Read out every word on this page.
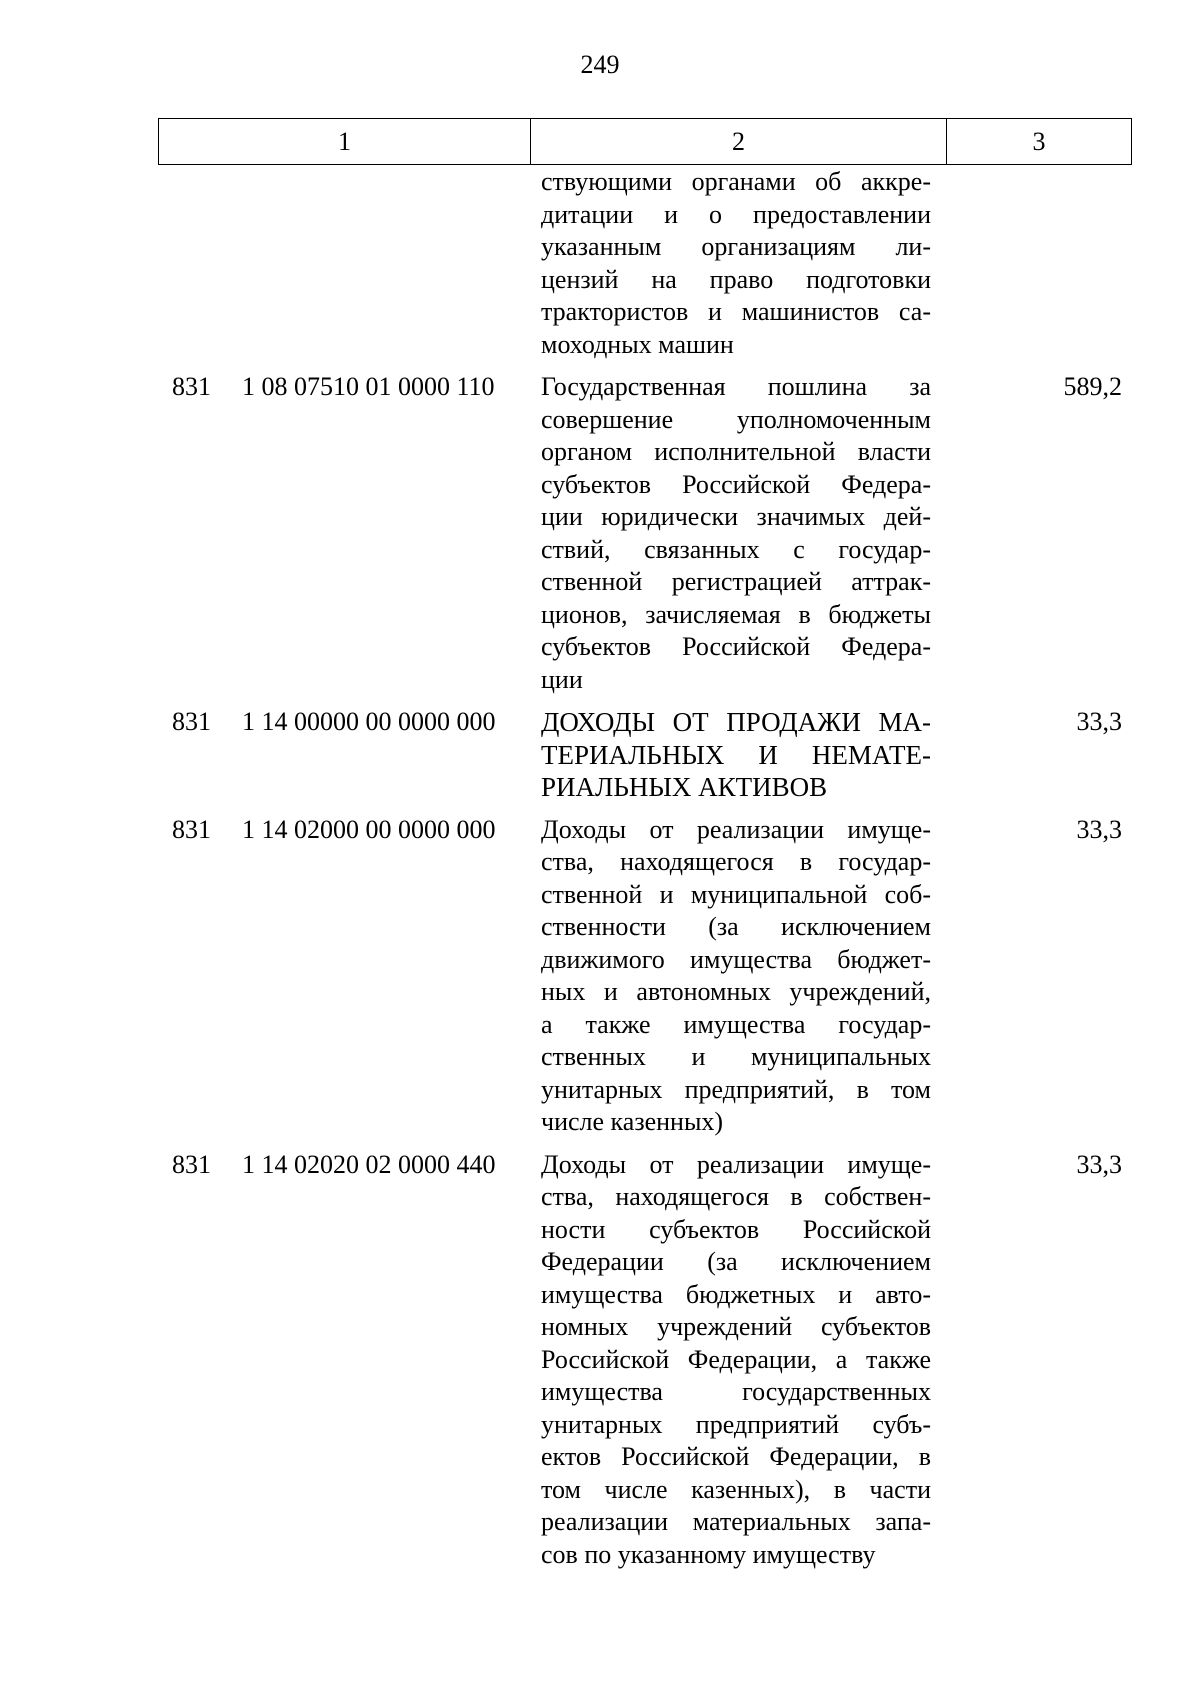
249
1	2	3
ствующими органами об аккре-
дитации и о предоставлении
указанным организациям ли-
цензий на право подготовки
трактористов и машинистов са-
моходных машин
831	1 08 07510 01 0000 110	Государственная пошлина за
совершение уполномоченным
органом исполнительной власти
субъектов Российской Федера-
ции юридически значимых дей-
ствий, связанных с государ-
ственной регистрацией аттрак-
ционов, зачисляемая в бюджеты
субъектов Российской Федера-
ции
589,2
831	1 14 00000 00 0000 000	ДОХОДЫ ОТ ПРОДАЖИ МА-
ТЕРИАЛЬНЫХ И НЕМАТЕ-
РИАЛЬНЫХ АКТИВОВ
33,3
831	1 14 02000 00 0000 000	Доходы от реализации имуще-
ства, находящегося в государ-
ственной и муниципальной соб-
ственности (за исключением
движимого имущества бюджет-
ных и автономных учреждений,
а также имущества государ-
ственных и муниципальных
унитарных предприятий, в том
числе казенных)
33,3
831	1 14 02020 02 0000 440	Доходы от реализации имуще-
ства, находящегося в собствен-
ности субъектов Российской
Федерации (за исключением
имущества бюджетных и авто-
номных учреждений субъектов
Российской Федерации, а также
имущества государственных
унитарных предприятий субъ-
ектов Российской Федерации, в
том числе казенных), в части
реализации материальных запа-
сов по указанному имуществу
33,3
